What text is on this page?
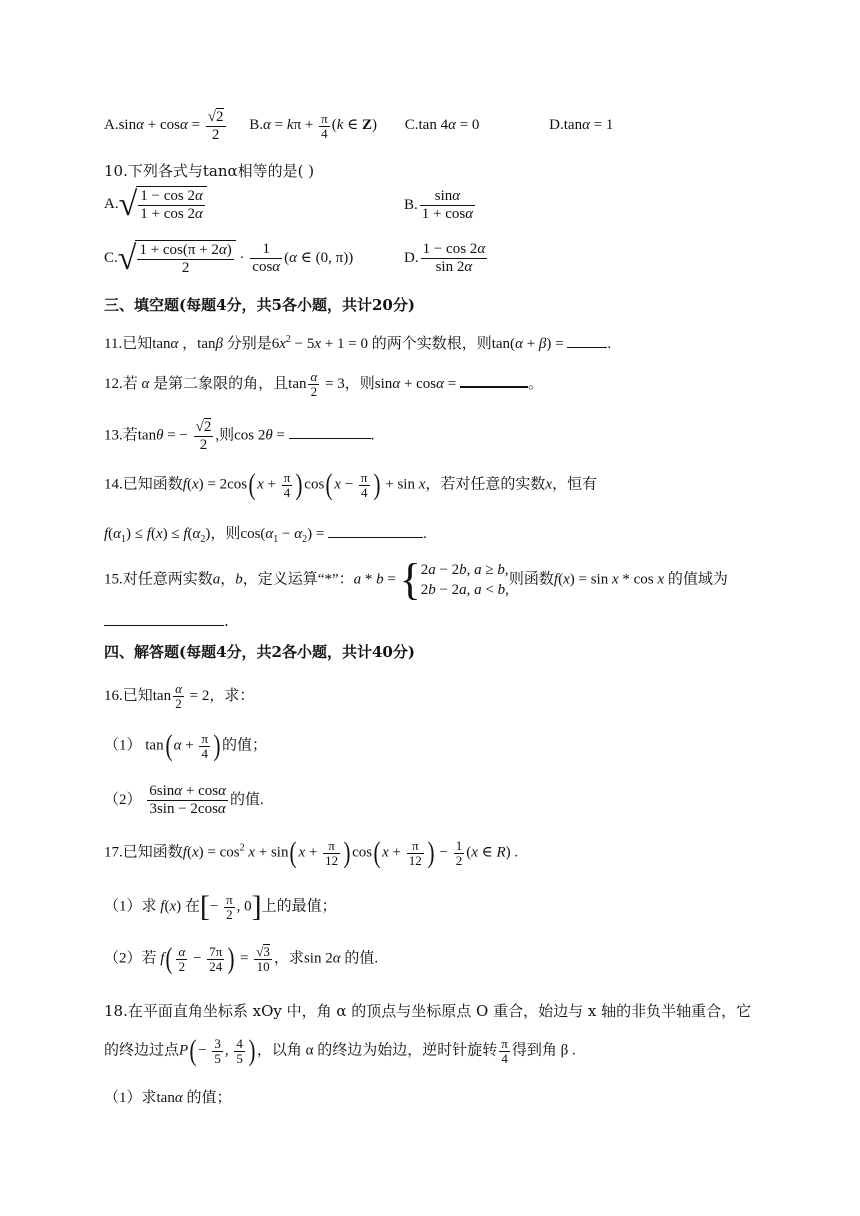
$A.\sin\alpha + \cos\alpha = \frac{√2}{2} B.\alpha = k\pi + \frac{\pi}{4} (k$ ∈ Z) C.tan 4α = 0	D.tanα = 1
10.下列各式与tanα相等的是( )
$A.√ \frac{1 - \cos 2\alpha}{1 + \cos 2\alpha}$	B. $\frac{\sin\alpha}{1 + \cos\alpha}$
$C.√ \frac{1 + \cos(\pi + 2\alpha)}{2} \cdot \frac{1}{\cos\alpha} (\alpha$ ∈ (0, π))	D. $\frac{1 - \cos 2\alpha}{\sin 2\alpha}$
三、填空题(每题4分，共5各小题，共计20分)
11.已知tanα ，tanβ 分别是$6x^2 - 5x + 1 = 0$ 的两个实数根，则tan(α + β) =	.
12.若 α 是第二象限的角，且$\tan \frac{\alpha}{2} = 3$，则sinα + cosα =	。
13.若tanθ = − $\frac{√2}{2}$ ,则cos 2θ =	.
14.已知函数f(x) = 2cos( $x + \frac{\pi}{4}$ ) cos( $x - \frac{\pi}{4}$ ) + sin x，若对任意的实数x，恒有
$f(\alpha_1) \le f(x) \le f(\alpha_2)$，则$\cos(\alpha_1 - \alpha_2)$ =	.
15.对任意两实数a，b，定义运算“*”：a * b = {2a − 2b, a ≥ b,
2b − 2a, a < b,则函数f(x) = sin x * cos x 的值域为
.
四、解答题(每题4分，共2各小题，共计40分)
16.已知$\tan \frac{\alpha}{2} = 2$，求：
（1） tan( $\alpha + \frac{\pi}{4}$ ) 的值；
$(2) \frac{6\sin\alpha + \cos\alpha}{3\sin - 2\cos\alpha}$ 的值.
17.已知函数$f(x) = \cos^2 x + \sin$( $x + \frac{\pi}{12}$ ) cos( $x + \frac{\pi}{12}$ ) − $\frac{1}{2} (x$ ∈ R) .
（1）求 f(x) 在[− $\frac{\pi}{2}$ , 0]上的最值；
（2）若 $f( \frac{\alpha}{2} - \frac{7\pi}{24}$ ) = $\frac{√3}{10}$ ，求sin 2α 的值.
18.在平面直角坐标系 xOy 中，角 α 的顶点与坐标原点 O 重合，始边与 x 轴的非负半轴重合，它
的终边过点$P( - \frac{3}{5}$ , $\frac{4}{5}$ ) ，以角 α 的终边为始边，逆时针旋转 $\frac{\pi}{4}$ 得到角 β .
（1）求tanα 的值；
